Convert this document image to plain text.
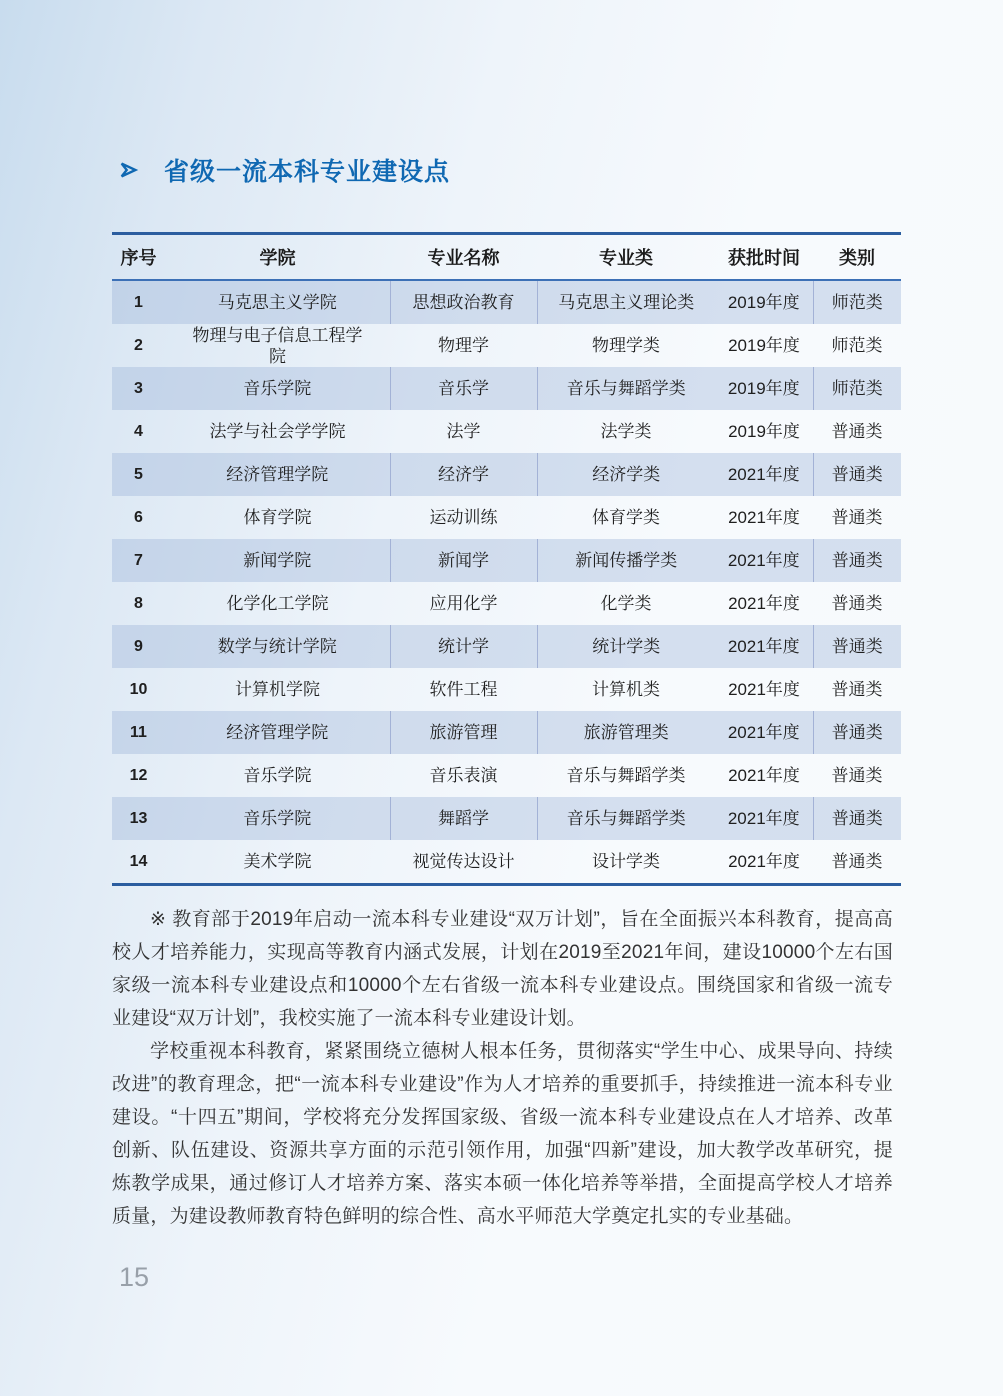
省级一流本科专业建设点
序号	学院	专业名称	专业类	获批时间	类别
1	马克思主义学院	思想政治教育	马克思主义理论类	2019年度	师范类
2	物理与电子信息工程学院	物理学	物理学类	2019年度	师范类
3	音乐学院	音乐学	音乐与舞蹈学类	2019年度	师范类
4	法学与社会学学院	法学	法学类	2019年度	普通类
5	经济管理学院	经济学	经济学类	2021年度	普通类
6	体育学院	运动训练	体育学类	2021年度	普通类
7	新闻学院	新闻学	新闻传播学类	2021年度	普通类
8	化学化工学院	应用化学	化学类	2021年度	普通类
9	数学与统计学院	统计学	统计学类	2021年度	普通类
10	计算机学院	软件工程	计算机类	2021年度	普通类
11	经济管理学院	旅游管理	旅游管理类	2021年度	普通类
12	音乐学院	音乐表演	音乐与舞蹈学类	2021年度	普通类
13	音乐学院	舞蹈学	音乐与舞蹈学类	2021年度	普通类
14	美术学院	视觉传达设计	设计学类	2021年度	普通类

※ 教育部于2019年启动一流本科专业建设“双万计划”，旨在全面振兴本科教育，提高高校人才培养能力，实现高等教育内涵式发展，计划在2019至2021年间，建设10000个左右国家级一流本科专业建设点和10000个左右省级一流本科专业建设点。围绕国家和省级一流专业建设“双万计划”，我校实施了一流本科专业建设计划。

学校重视本科教育，紧紧围绕立德树人根本任务，贯彻落实“学生中心、成果导向、持续改进”的教育理念，把“一流本科专业建设”作为人才培养的重要抓手，持续推进一流本科专业建设。“十四五”期间，学校将充分发挥国家级、省级一流本科专业建设点在人才培养、改革创新、队伍建设、资源共享方面的示范引领作用，加强“四新”建设，加大教学改革研究，提炼教学成果，通过修订人才培养方案、落实本硕一体化培养等举措，全面提高学校人才培养质量，为建设教师教育特色鲜明的综合性、高水平师范大学奠定扎实的专业基础。

15
